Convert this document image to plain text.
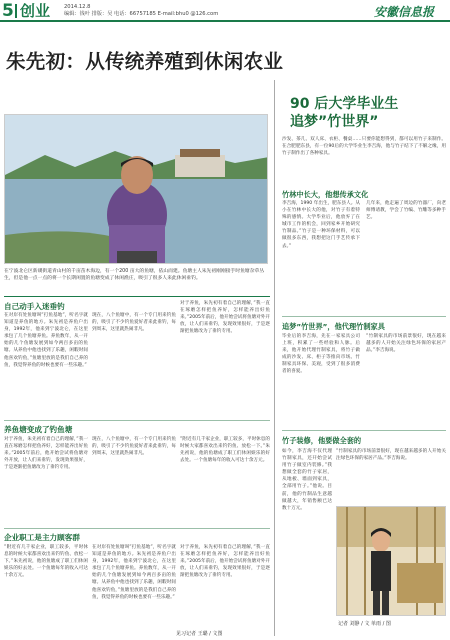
5 创业	2014.12.8
编辑：钱叶 排版：吴 电话：66757185 E-mail:bhu0 @126.com	安徽信息报
朱先初：从传统养殖到休闲农业
在宁波北仑区新碶街道青山村的千亩苗木海边，有一个200 亩大的鱼塘，依山而建。鱼塘主人朱先初刚刚接手时鱼塘杂草丛生，但是他一点一点的将一个长期闲置的鱼塘变成了休闲渔庄，吸引了很多人来此休闲垂钓。
自己动手入迷垂钓
在对岸有处鱼塘叫”打鱼基地”，听名字就知道是养鱼的地方。朱先初是养鱼户出身，1992年，他来到宁波北仑，在这里承包了几个鱼塘养鱼。养鱼数年，从一开始的几个鱼塘发展到如今两百多亩的鱼塘。从养鱼中他也找到了乐趣，闲暇时间他喜欢钓鱼，”鱼塘里放的是我们自己养的鱼，我觉得养鱼的时候也要有一些乐趣。”
现在，八个鱼塘中，有一个专门用来钓鱼的，吸引了不少钓鱼爱好者来此垂钓，每到周末，这里就热闹非凡。
对于养鱼，朱先初有着自己的理解，”我一直在琢磨怎样把鱼养好，怎样能养出好鱼来。”2005年前后，他开始尝试将鱼塘对外开放，让人们来垂钓，发现效果很好，于是逐渐把鱼塘改为了垂钓专用。
养鱼塘变成了钓鱼塘
对于养鱼，朱先初有着自己的理解，”我一直在琢磨怎样把鱼养好，怎样能养出好鱼来。”2005年前后，他开始尝试将鱼塘对外开放，让人们来垂钓，发现效果很好，于是逐渐把鱼塘改为了垂钓专用。
现在，八个鱼塘中，有一个专门用来钓鱼的，吸引了不少钓鱼爱好者来此垂钓，每到周末，这里就热闹非凡。
”附近有几千家企业，职工较多，平时休息的时候大家都喜欢出来钓钓鱼、放松一下。”朱先初说，他的鱼塘成了职工们休闲娱乐的好去处。一个鱼塘每年的收入可达十余万元。
企业职工是主力顾客群
”附近有几千家企业，职工较多，平时休息的时候大家都喜欢出来钓钓鱼、放松一下。”朱先初说，他的鱼塘成了职工们休闲娱乐的好去处。一个鱼塘每年的收入可达十余万元。
在对岸有处鱼塘叫”打鱼基地”，听名字就知道是养鱼的地方。朱先初是养鱼户出身，1992年，他来到宁波北仑，在这里承包了几个鱼塘养鱼。养鱼数年，从一开始的几个鱼塘发展到如今两百多亩的鱼塘。从养鱼中他也找到了乐趣，闲暇时间他喜欢钓鱼，”鱼塘里放的是我们自己养的鱼，我觉得养鱼的时候也要有一些乐趣。”
对于养鱼，朱先初有着自己的理解，”我一直在琢磨怎样把鱼养好，怎样能养出好鱼来。”2005年前后，他开始尝试将鱼塘对外开放，让人们来垂钓，发现效果很好，于是逐渐把鱼塘改为了垂钓专用。
见习记者 王璐 / 文图
90 后大学毕业生
追梦”竹世界”
沙发、茶几、双人床、衣柜、餐桌……只要你能想得到，都可以用竹子来制作。在合肥肥东县，有一位90后的大学毕业生李吉海，他与竹子结下了不解之缘，用竹子制作出了各种家具。
竹林中长大，他想传承文化
李吉海，1990 年出生，肥东县人。从小在竹林中长大的他，对竹子有着特殊的感情。大学毕业后，他放弃了在城市工作的机会，回到家乡开始研究竹制品。”竹子是一种环保材料，可以做很多东西，我想把这门手艺传承下去。”
几年来，他走遍了周边的竹器厂，向老师傅请教，学会了竹编、竹雕等多种手艺。
追梦”竹世界”，他代理竹制家具
毕业后的李吉海，先在一家家具公司上班，积累了一些经验和人脉。后来，他开始代理竹制家具，将竹子做成的沙发、床、柜子等推向市场。竹制家具环保、美观，受到了很多消费者的喜爱。
”竹制家具的市场前景很好，现在越来越多的人开始关注绿色环保的家居产品。”李吉海说。
竹子装修，他要做全套的
如今，李吉海不仅代理竹制家具，还开始尝试用竹子做室内装修。”我想做全套的竹子家居，从地板、墙面到家具，全部用竹子。”他说。目前，他的竹制品生意越做越大，年销售额已达数十万元。
”竹制家具的市场前景很好，现在越来越多的人开始关注绿色环保的家居产品。”李吉海说。
记者 刘静 / 文 单雨 / 图
